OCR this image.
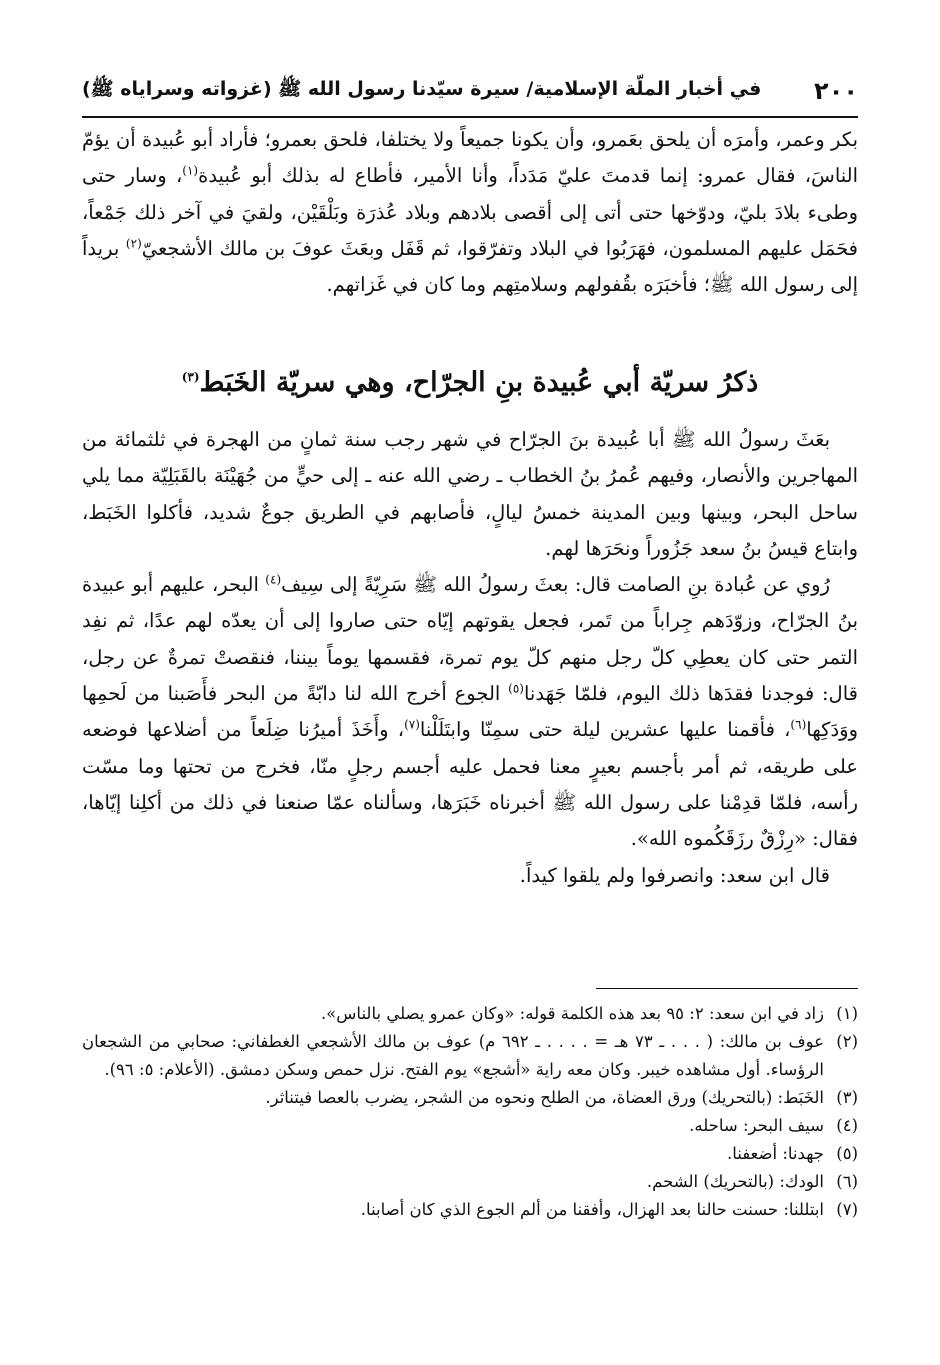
٢٠٠
في أخبار الملّة الإسلامية/ سيرة سيّدنا رسول الله ﷺ (غزواته وسراياه ﷺ)

بكر وعمر، وأمرَه أن يلحق بعَمرو، وأن يكونا جميعاً ولا يختلفا، فلحق بعمرو؛ فأراد أبو عُبيدة أن يؤمّ الناسَ، فقال عمرو: إنما قدمتَ عليّ مَدَداً، وأنا الأمير، فأطاع له بذلك أبو عُبيدة$^{(١)}$، وسار حتى وطىء بلادَ بليّ، ودوّخها حتى أتى إلى أقصى بلادهم وبلاد عُذرَة وبَلْقَيْن، ولقيَ في آخر ذلك جَمْعاً، فحَمَل عليهم المسلمون، فهَرَبُوا في البلاد وتفرّقوا، ثم قَفَل وبعَثَ عوفَ بن مالك الأشجعيّ$^{(٢)}$ بريداً إلى رسول الله ﷺ؛ فأخبَرَه بقُفولهم وسلامتِهم وما كان في غَزاتهم.

ذكرُ سريّة أبي عُبيدة بنِ الجرّاح، وهي سريّة الخَبَط$^{(٣)}$

بعَثَ رسولُ الله ﷺ أبا عُبيدة بنَ الجرّاح في شهر رجب سنة ثمانٍ من الهجرة في ثلثمائة من المهاجرين والأنصار، وفيهم عُمرُ بنُ الخطاب ـ رضي الله عنه ـ إلى حيٍّ من جُهَيْنَة بالقَبَلِيّة مما يلي ساحل البحر، وبينها وبين المدينة خمسُ ليالٍ، فأصابهم في الطريق جوعٌ شديد، فأكلوا الخَبَط، وابتاع قيسُ بنُ سعد جَزُوراً ونحَرَها لهم.

رُوي عن عُبادة بنِ الصامت قال: بعثَ رسولُ الله ﷺ سَرِيّةً إلى سِيف$^{(٤)}$ البحر، عليهم أبو عبيدة بنُ الجرّاح، وزوّدَهم جِراباً من تَمر، فجعل يقوتهم إيّاه حتى صاروا إلى أن يعدّه لهم عدًا، ثم نفِد التمر حتى كان يعطِي كلّ رجل منهم كلّ يوم تمرة، فقسمها يوماً بيننا، فنقصتْ تمرةٌ عن رجل، قال: فوجدنا فقدَها ذلك اليوم، فلمّا جَهَدنا$^{(٥)}$ الجوع أخرج الله لنا دابّةً من البحر فأَصَبنا من لَحمِها ووَدَكِها$^{(٦)}$، فأقمنا عليها عشرين ليلة حتى سمِنّا وابتَلَلْنا$^{(٧)}$، وأَخَذَ أميرُنا ضِلَعاً من أضلاعها فوضعه على طريقه، ثم أمر بأجسم بعيرٍ معنا فحمل عليه أجسم رجلٍ منّا، فخرج من تحتها وما مسّت رأسه، فلمّا قدِمْنا على رسول الله ﷺ أخبرناه خَبَرَها، وسألناه عمّا صنعنا في ذلك من أكلِنا إيّاها، فقال: «رِزْقٌ رزَقَكُموه الله».

قال ابن سعد: وانصرفوا ولم يلقوا كيداً.

(١)
زاد في ابن سعد: ٢: ٩٥ بعد هذه الكلمة قوله: «وكان عمرو يصلي بالناس».
(٢)
عوف بن مالك: ( . . . ـ ٧٣ هـ = . . . . ـ ٦٩٢ م) عوف بن مالك الأشجعي الغطفاني: صحابي من الشجعان الرؤساء. أول مشاهده خيبر. وكان معه راية «أشجع» يوم الفتح. نزل حمص وسكن دمشق. (الأعلام: ٥: ٩٦).
(٣)
الخَبَط: (بالتحريك) ورق العضاة، من الطلح ونحوه من الشجر، يضرب بالعصا فيتناثر.
(٤)
سيف البحر: ساحله.
(٥)
جهدنا: أضعفنا.
(٦)
الودك: (بالتحريك) الشحم.
(٧)
ابتللنا: حسنت حالنا بعد الهزال، وأفقنا من ألم الجوع الذي كان أصابنا.
